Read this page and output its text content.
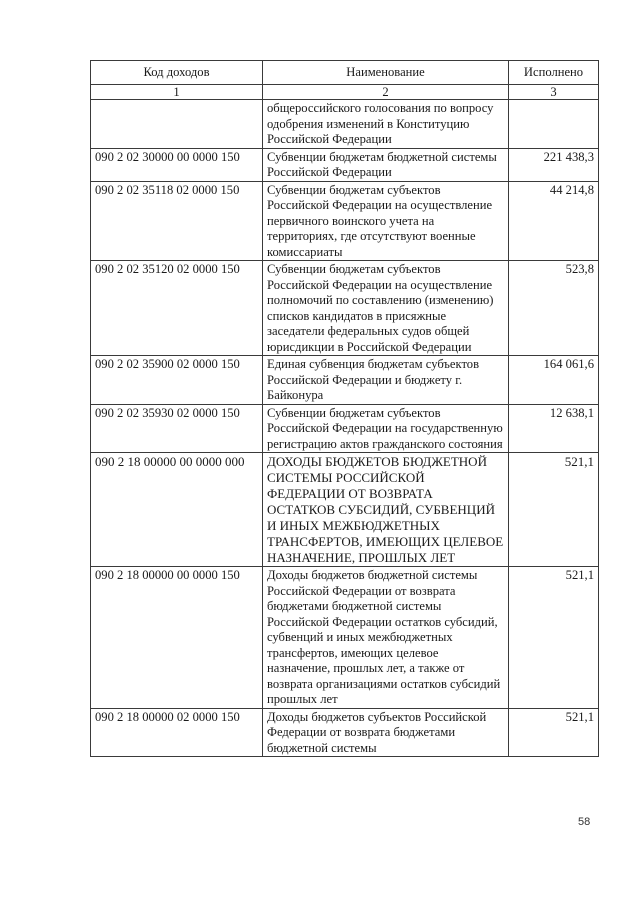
Код доходов	Наименование	Исполнено
1	2	3
	общероссийского голосования по вопросу одобрения изменений в Конституцию Российской Федерации	
090 2 02 30000 00 0000 150	Субвенции бюджетам бюджетной системы Российской Федерации	221 438,3
090 2 02 35118 02 0000 150	Субвенции бюджетам субъектов Российской Федерации на осуществление первичного воинского учета на территориях, где отсутствуют военные комиссариаты	44 214,8
090 2 02 35120 02 0000 150	Субвенции бюджетам субъектов Российской Федерации на осуществление полномочий по составлению (изменению) списков кандидатов в присяжные заседатели федеральных судов общей юрисдикции в Российской Федерации	523,8
090 2 02 35900 02 0000 150	Единая субвенция бюджетам субъектов Российской Федерации и бюджету г. Байконура	164 061,6
090 2 02 35930 02 0000 150	Субвенции бюджетам субъектов Российской Федерации на государственную регистрацию актов гражданского состояния	12 638,1
090 2 18 00000 00 0000 000	ДОХОДЫ БЮДЖЕТОВ БЮДЖЕТНОЙ СИСТЕМЫ РОССИЙСКОЙ ФЕДЕРАЦИИ ОТ ВОЗВРАТА ОСТАТКОВ СУБСИДИЙ, СУБВЕНЦИЙ И ИНЫХ МЕЖБЮДЖЕТНЫХ ТРАНСФЕРТОВ, ИМЕЮЩИХ ЦЕЛЕВОЕ НАЗНАЧЕНИЕ, ПРОШЛЫХ ЛЕТ	521,1
090 2 18 00000 00 0000 150	Доходы бюджетов бюджетной системы Российской Федерации от возврата бюджетами бюджетной системы Российской Федерации остатков субсидий, субвенций и иных межбюджетных трансфертов, имеющих целевое назначение, прошлых лет, а также от возврата организациями остатков субсидий прошлых лет	521,1
090 2 18 00000 02 0000 150	Доходы бюджетов субъектов Российской Федерации от возврата бюджетами бюджетной системы	521,1
58
